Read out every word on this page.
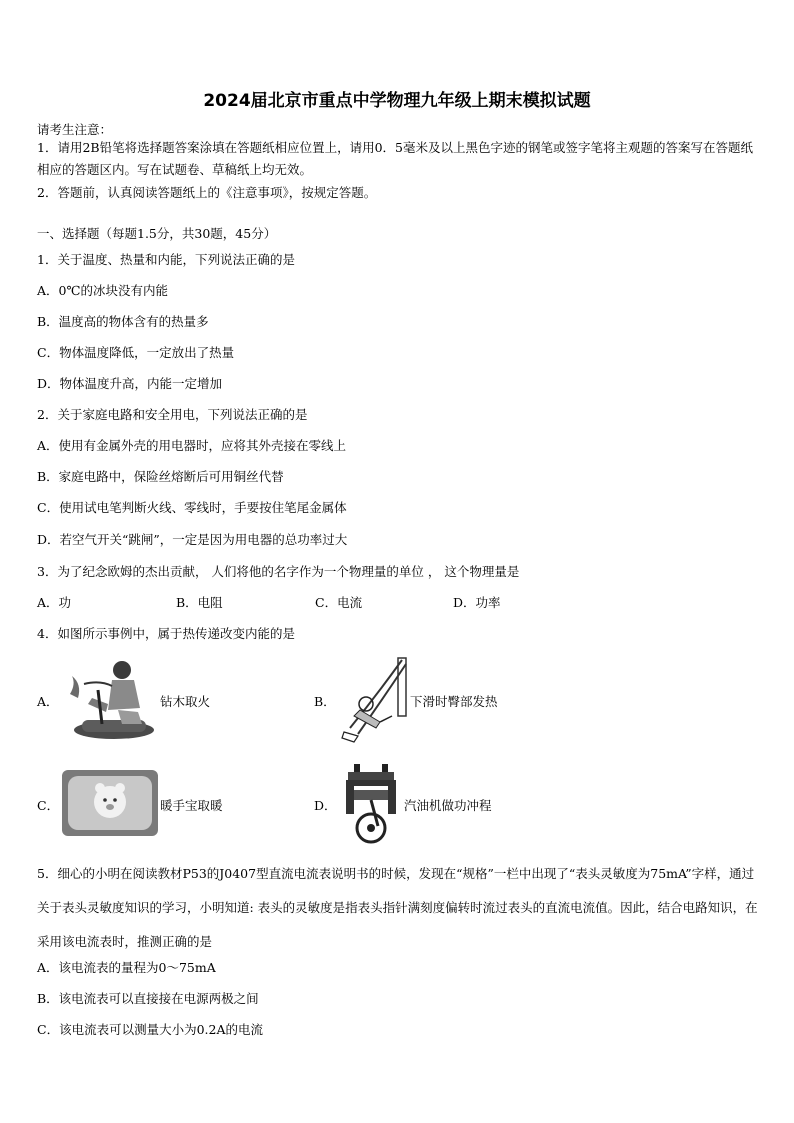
2024届北京市重点中学物理九年级上期末模拟试题
请考生注意：
1．请用2B铅笔将选择题答案涂填在答题纸相应位置上，请用0．5毫米及以上黑色字迹的钢笔或签字笔将主观题的答案写在答题纸相应的答题区内。写在试题卷、草稿纸上均无效。
2．答题前，认真阅读答题纸上的《注意事项》，按规定答题。
一、选择题（每题1.5分，共30题，45分）
1．关于温度、热量和内能，下列说法正确的是
A．0℃的冰块没有内能
B．温度高的物体含有的热量多
C．物体温度降低，一定放出了热量
D．物体温度升高，内能一定增加
2．关于家庭电路和安全用电，下列说法正确的是
A．使用有金属外壳的用电器时，应将其外壳接在零线上
B．家庭电路中，保险丝熔断后可用铜丝代替
C．使用试电笔判断火线、零线时，手要按住笔尾金属体
D．若空气开关“跳闸”，一定是因为用电器的总功率过大
3．为了纪念欧姆的杰出贡献， 人们将他的名字作为一个物理量的单位 ， 这个物理量是
A．功	B．电阻	C．电流	D．功率
4．如图所示事例中，属于热传递改变内能的是
A．	钻木取火	B．	下滑时臀部发热
C．	暖手宝取暖	D．	汽油机做功冲程
5．细心的小明在阅读教材P53的J0407型直流电流表说明书的时候，发现在“规格”一栏中出现了“表头灵敏度为75mA”字样，通过关于表头灵敏度知识的学习，小明知道: 表头的灵敏度是指表头指针满刻度偏转时流过表头的直流电流值。因此，结合电路知识，在采用该电流表时，推测正确的是
A．该电流表的量程为0～75mA
B．该电流表可以直接接在电源两极之间
C．该电流表可以测量大小为0.2A的电流
